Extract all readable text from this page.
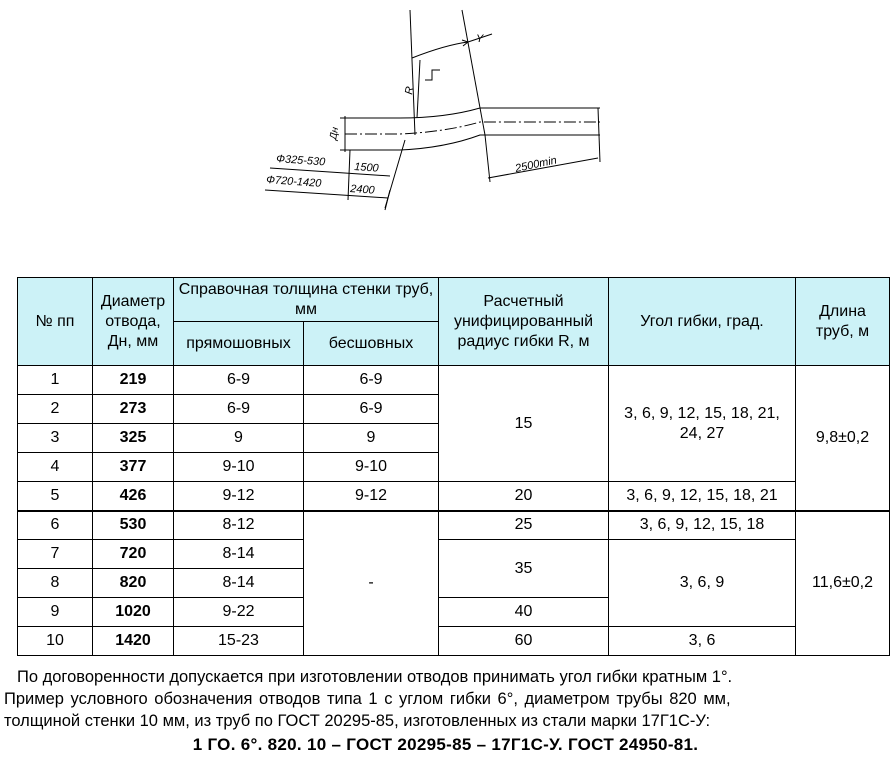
Y
R
Дн
2500min
Ф325-530	1500
Ф720-1420
2400
№ пп	Диаметр отвода, Дн, мм	Справочная толщина стенки труб, мм		Расчетный унифицированный радиус гибки R, м	Угол гибки, град.	Длина труб, м
		прямошовных	бесшовных			
1	219	6-9	6-9	15	3, 6, 9, 12, 15, 18, 21, 24, 27	9,8±0,2
2	273	6-9	6-9			
3	325	9	9			
4	377	9-10	9-10			
5	426	9-12	9-12	20	3, 6, 9, 12, 15, 18, 21	
6	530	8-12	-	25	3, 6, 9, 12, 15, 18	11,6±0,2
7	720	8-14		35	3, 6, 9	
8	820	8-14				
9	1020	9-22		40		
10	1420	15-23		60	3, 6	
По договоренности допускается при изготовлении отводов принимать угол гибки кратным 1°.
Пример условного обозначения отводов типа 1 с углом гибки 6°, диаметром трубы 820 мм,
толщиной стенки 10 мм, из труб по ГОСТ 20295-85, изготовленных из стали марки 17Г1С-У:
1 ГО. 6°. 820. 10 – ГОСТ 20295-85 – 17Г1С-У. ГОСТ 24950-81.
